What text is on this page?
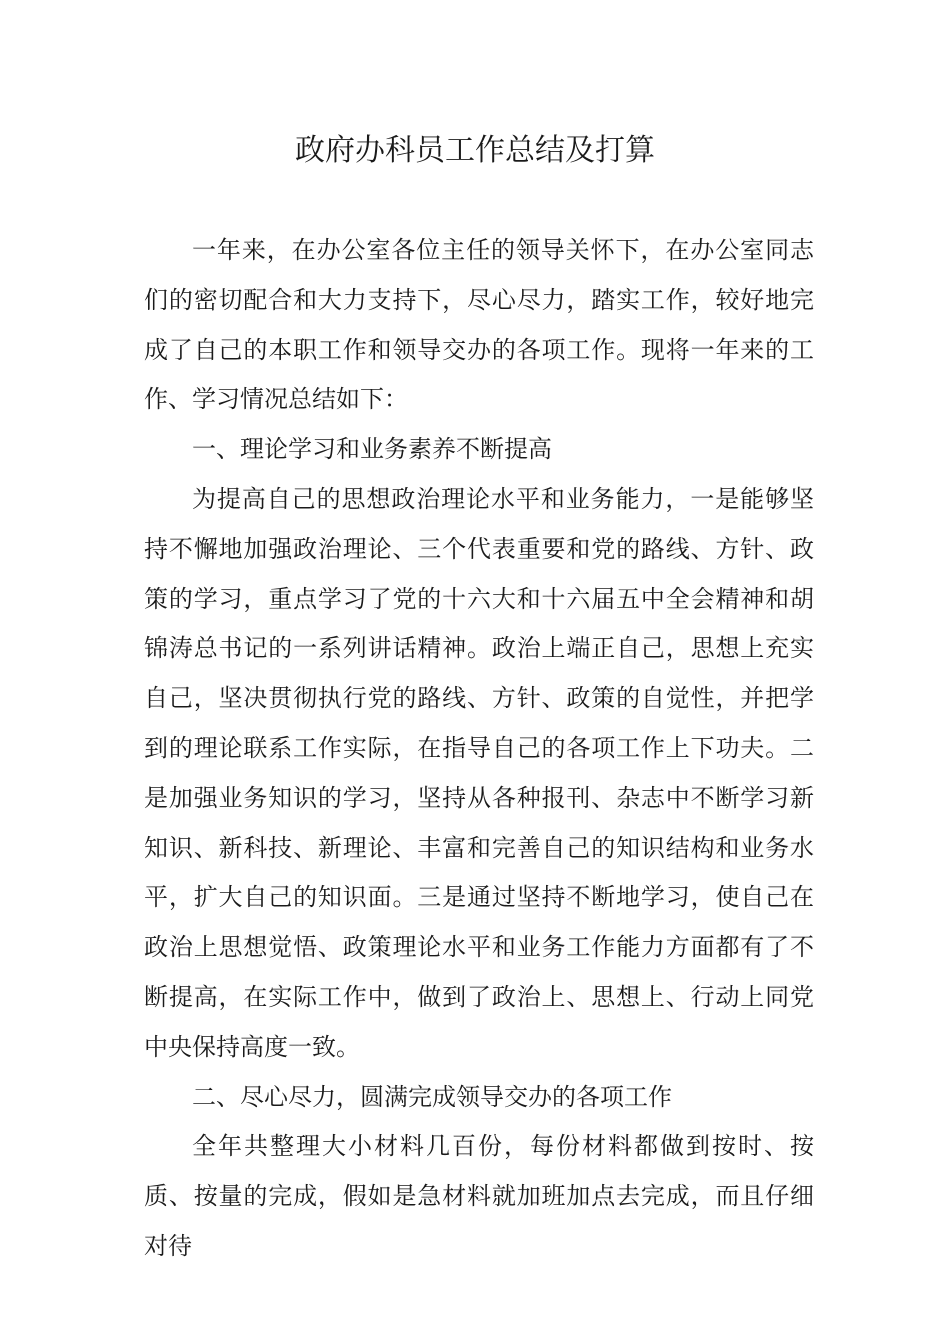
政府办科员工作总结及打算

一年来，在办公室各位主任的领导关怀下，在办公室同志们的密切配合和大力支持下，尽心尽力，踏实工作，较好地完成了自己的本职工作和领导交办的各项工作。现将一年来的工作、学习情况总结如下：

一、理论学习和业务素养不断提高

为提高自己的思想政治理论水平和业务能力，一是能够坚持不懈地加强政治理论、三个代表重要和党的路线、方针、政策的学习，重点学习了党的十六大和十六届五中全会精神和胡锦涛总书记的一系列讲话精神。政治上端正自己，思想上充实自己，坚决贯彻执行党的路线、方针、政策的自觉性，并把学到的理论联系工作实际，在指导自己的各项工作上下功夫。二是加强业务知识的学习，坚持从各种报刊、杂志中不断学习新知识、新科技、新理论、丰富和完善自己的知识结构和业务水平，扩大自己的知识面。三是通过坚持不断地学习，使自己在政治上思想觉悟、政策理论水平和业务工作能力方面都有了不断提高，在实际工作中，做到了政治上、思想上、行动上同党中央保持高度一致。

二、尽心尽力，圆满完成领导交办的各项工作

全年共整理大小材料几百份，每份材料都做到按时、按质、按量的完成，假如是急材料就加班加点去完成，而且仔细对待
